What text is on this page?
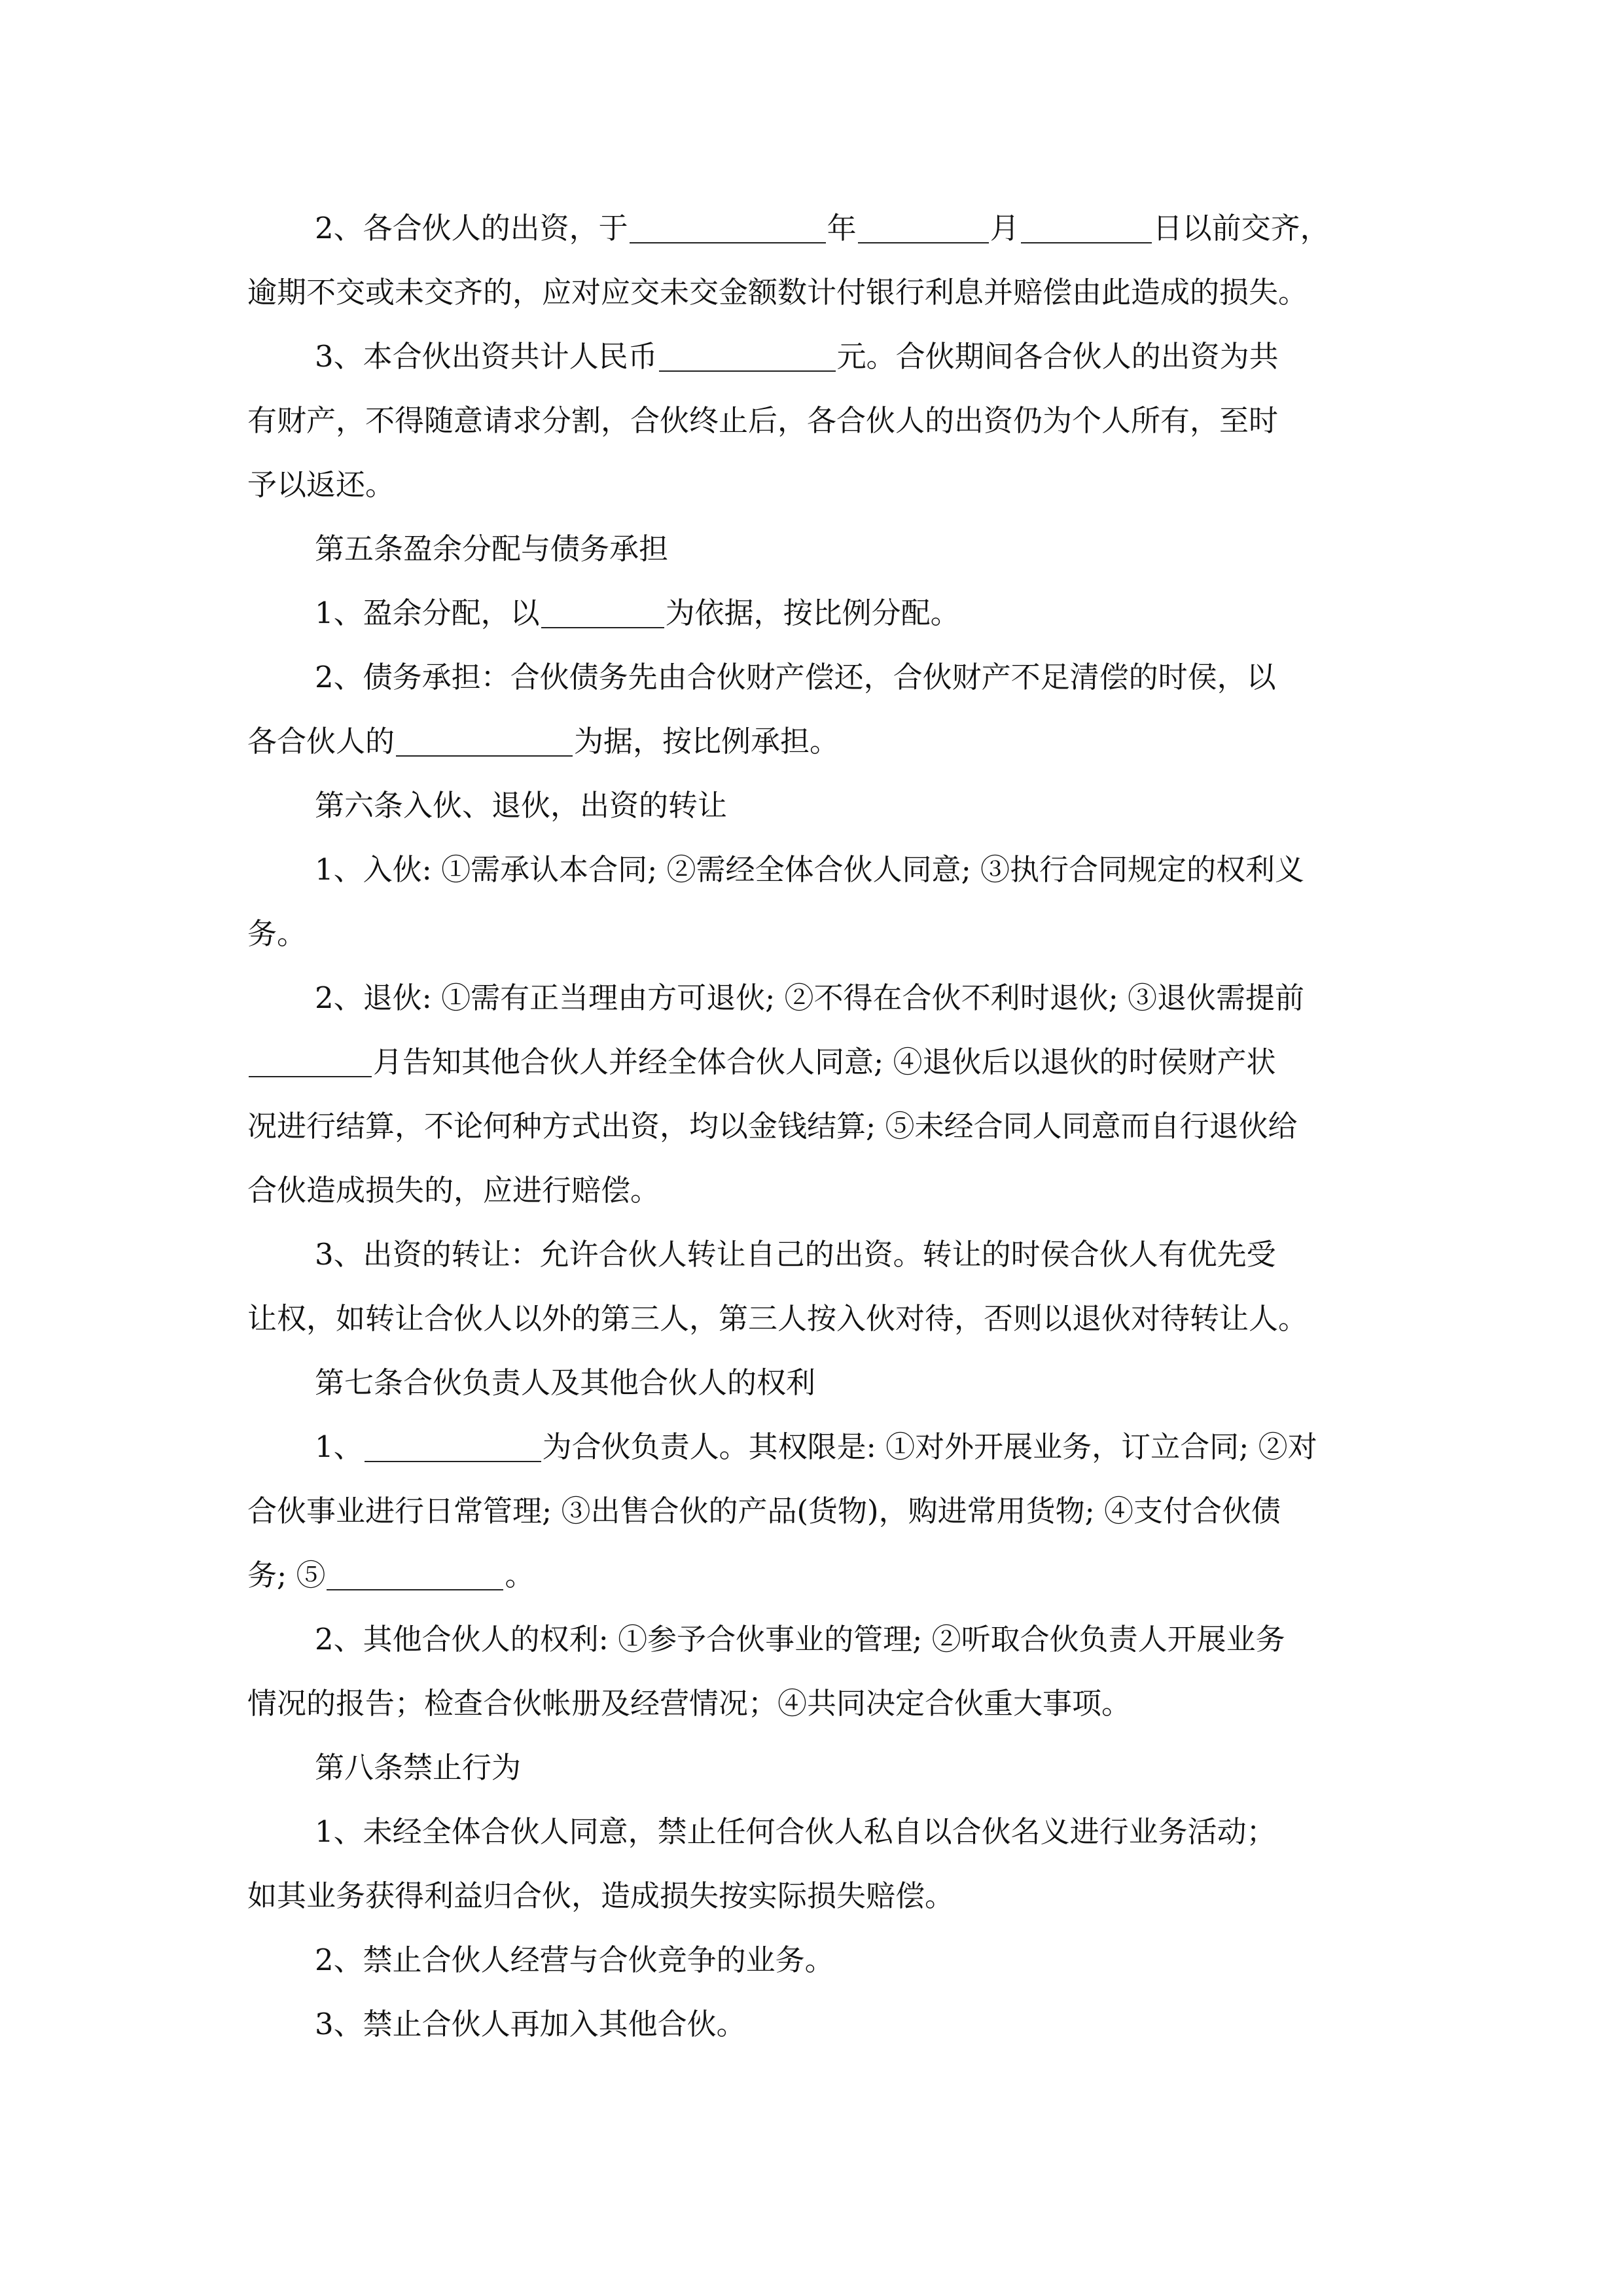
2、各合伙人的出资，于	年	月	日以前交齐，
逾期不交或未交齐的，应对应交未交金额数计付银行利息并赔偿由此造成的损失。
3、本合伙出资共计人民币	元。合伙期间各合伙人的出资为共
有财产，不得随意请求分割，合伙终止后，各合伙人的出资仍为个人所有，至时
予以返还。
第五条盈余分配与债务承担
1、盈余分配，以	为依据，按比例分配。
2、债务承担：合伙债务先由合伙财产偿还，合伙财产不足清偿的时侯，以
各合伙人的	为据，按比例承担。
第六条入伙、退伙，出资的转让
1、入伙: ①需承认本合同; ②需经全体合伙人同意; ③执行合同规定的权利义
务。
2、退伙: ①需有正当理由方可退伙; ②不得在合伙不利时退伙; ③退伙需提前
月告知其他合伙人并经全体合伙人同意; ④退伙后以退伙的时侯财产状
况进行结算，不论何种方式出资，均以金钱结算; ⑤未经合同人同意而自行退伙给
合伙造成损失的，应进行赔偿。
3、出资的转让：允许合伙人转让自己的出资。转让的时侯合伙人有优先受
让权，如转让合伙人以外的第三人，第三人按入伙对待，否则以退伙对待转让人。
第七条合伙负责人及其他合伙人的权利
1、	为合伙负责人。其权限是: ①对外开展业务，订立合同; ②对
合伙事业进行日常管理; ③出售合伙的产品(货物)，购进常用货物; ④支付合伙债
务; ⑤	。
2、其他合伙人的权利: ①参予合伙事业的管理; ②听取合伙负责人开展业务
情况的报告；检查合伙帐册及经营情况；④共同决定合伙重大事项。
第八条禁止行为
1、未经全体合伙人同意，禁止任何合伙人私自以合伙名义进行业务活动；
如其业务获得利益归合伙，造成损失按实际损失赔偿。
2、禁止合伙人经营与合伙竞争的业务。
3、禁止合伙人再加入其他合伙。
